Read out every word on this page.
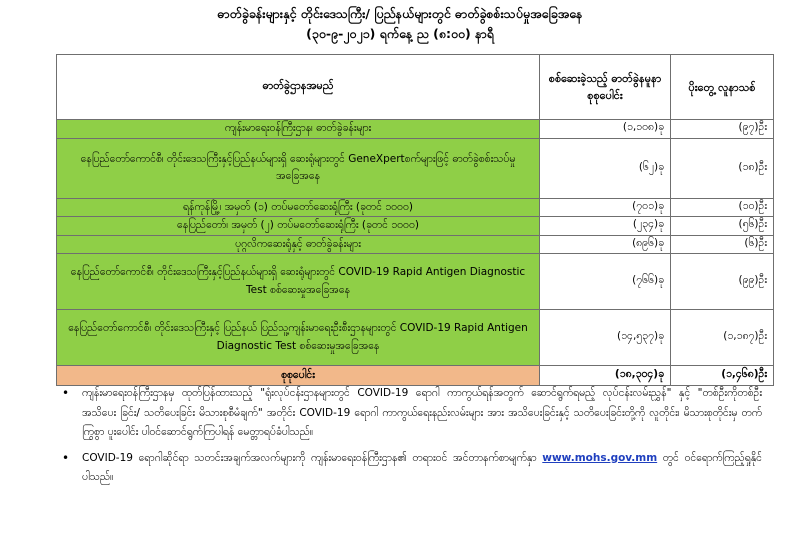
ဓာတ်ခွဲခန်းများနှင့် တိုင်းဒေသကြီး/ ပြည်နယ်များတွင် ဓာတ်ခွဲစစ်းသပ်မှုအခြေအနေ
(၃၀-၉-၂၀၂၁) ရက်နေ့ ည (၈:၀၀) နာရီ
ဓာတ်ခွဲဌာနအမည်	စစ်ဆေးခဲ့သည့် ဓာတ်ခွဲနမူနာ စုစုပေါင်း	ပိုးတွေ့ လူနာသစ်
ကျန်းမာရေးဝန်ကြီးဌာန၊ ဓာတ်ခွဲခန်းများ	(၁,၁၀၈)ခု	(၉၇)ဦး
နေပြည်တော်ကောင်စီ၊ တိုင်းဒေသကြီးနှင့်ပြည်နယ်များရှိ ဆေးရုံများတွင် GeneXpertစက်များဖြင့် ဓာတ်ခွဲစစ်းသပ်မှုအခြေအနေ	(၆၂)ခု	(၁၈)ဦး
ရန်ကုန်မြို့၊ အမှတ် (၁) တပ်မတော်ဆေးရုံကြီး (ခုတင် ၁၀၀၀)	(၇၀၁)ခု	(၁၀)ဦး
နေပြည်တော်၊ အမှတ် (၂) တပ်မတော်ဆေးရုံကြီး (ခုတင် ၁၀၀၀)	(၂၃၄)ခု	(၅၆)ဦး
ပုဂ္ဂလိကဆေးရုံနှင့် ဓာတ်ခွဲခန်းများ	(၈၉၆)ခု	(၆)ဦး
နေပြည်တော်ကောင်စီ၊ တိုင်းဒေသကြီးနှင့်ပြည်နယ်များရှိ ဆေးရုံများတွင် COVID-19 Rapid Antigen Diagnostic Test စစ်ဆေးမှုအခြေအနေ	(၇၆၆)ခု	(၉၉)ဦး
နေပြည်တော်ကောင်စီ၊ တိုင်းဒေသကြီးနှင့် ပြည်နယ် ပြည်သူ့ကျန်းမာရေးဦးစီးဌာနများတွင် COVID-19 Rapid Antigen Diagnostic Test စစ်ဆေးမှုအခြေအနေ	(၁၄,၅၃၇)ခု	(၁,၁၈၇)ဦး
စုစုပေါင်း	(၁၈,၃၀၄)ခု	(၁,၄၆၈)ဦး
•	ကျန်းမာရေးဝန်ကြီးဌာနမှ ထုတ်ပြန်ထားသည့် "ရုံးလုပ်ငန်းဌာနများတွင် COVID-19 ရောဂါ ကာကွယ်ရန်အတွက် ဆောင်ရွက်ရမည့် လုပ်ငန်းလမ်းညွှန်" နှင့် "တစ်ဦးကိုတစ်ဦး အသိပေး ခြင်း/ သတိပေးခြင်း မိသားစုစီမံချက်" အတိုင်း COVID-19 ရောဂါ ကာကွယ်ရေးနည်းလမ်းများ အား အသိပေးခြင်းနှင့် သတိပေးခြင်းတို့ကို လူတိုင်း၊ မိသားစုတိုင်းမှ တက်ကြွစွာ ပူးပေါင်း ပါဝင်ဆောင်ရွက်ကြပါရန် မေတ္တာရပ်ခံပါသည်။
•	COVID-19 ရောဂါဆိုင်ရာ သတင်းအချက်အလက်များကို ကျန်းမာရေးဝန်ကြီးဌာန၏ တရားဝင် အင်တာနက်စာမျက်နှာ www.mohs.gov.mm တွင် ဝင်ရောက်ကြည့်ရှုနိုင်ပါသည်။
